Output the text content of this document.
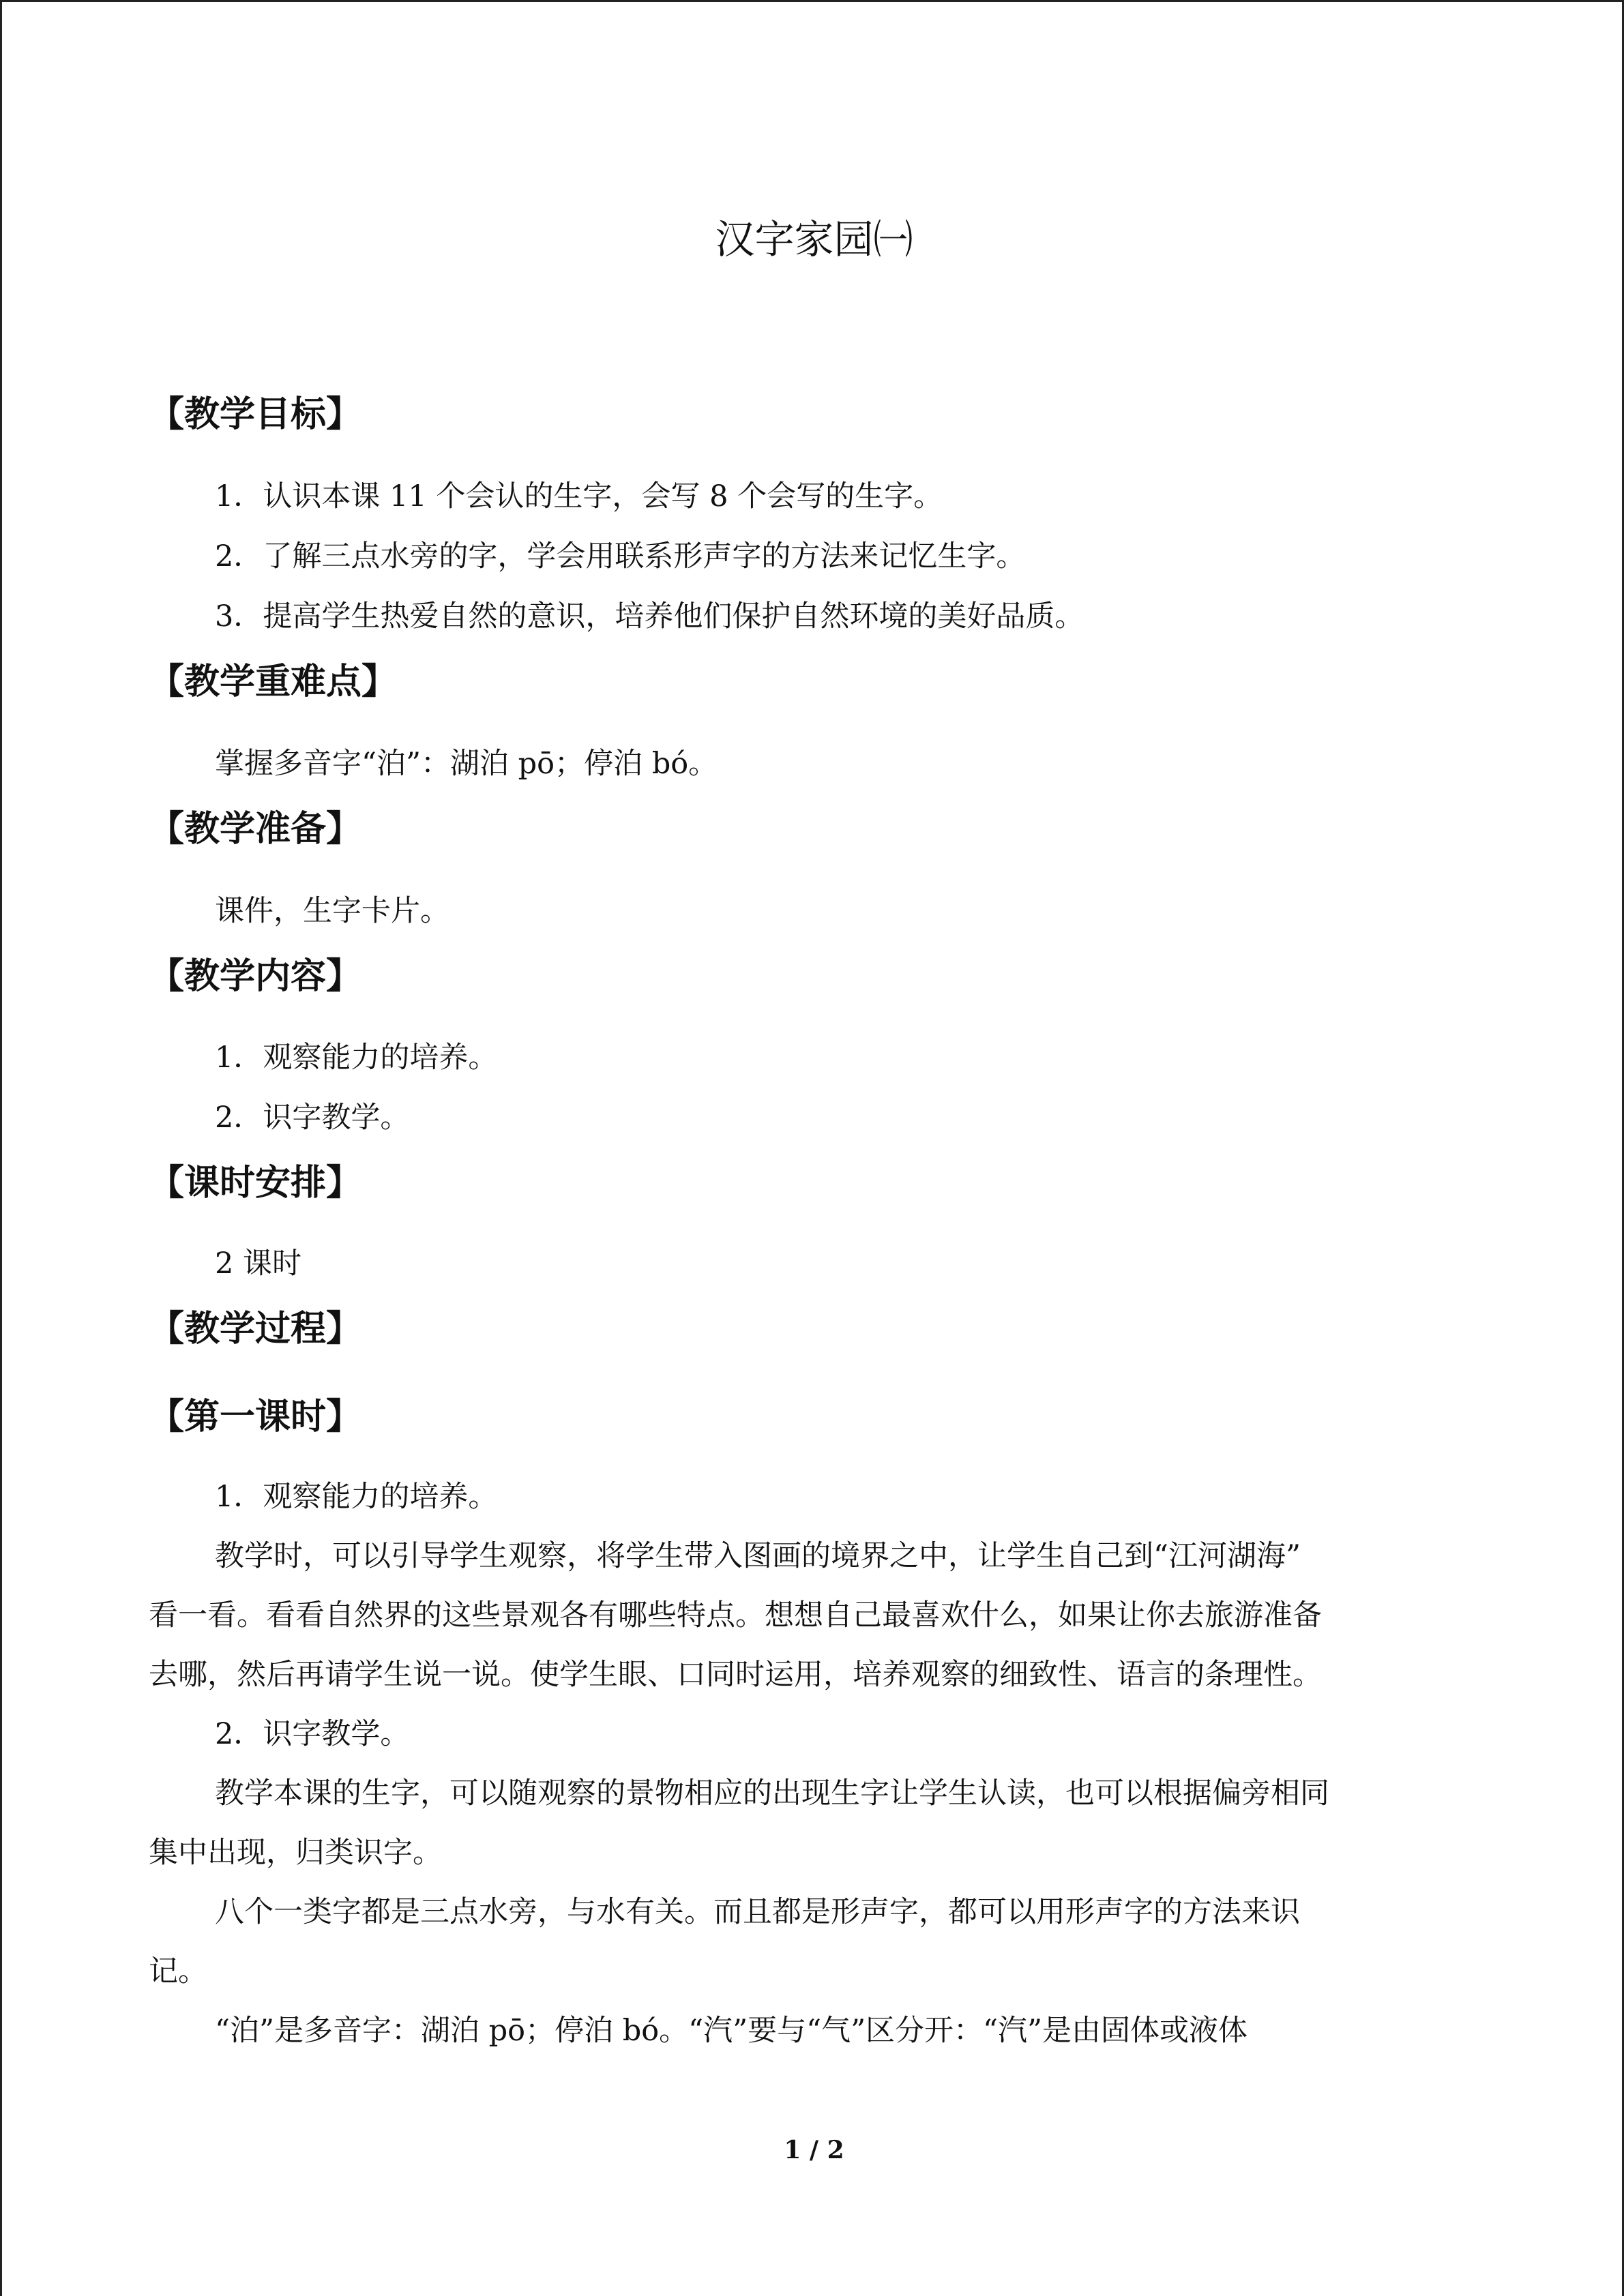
汉字家园㈠
【教学目标】
1．认识本课 11 个会认的生字，会写 8 个会写的生字。
2．了解三点水旁的字，学会用联系形声字的方法来记忆生字。
3．提高学生热爱自然的意识，培养他们保护自然环境的美好品质。
【教学重难点】
掌握多音字“泊”：湖泊 pō；停泊 bó。
【教学准备】
课件，生字卡片。
【教学内容】
1．观察能力的培养。
2．识字教学。
【课时安排】
2 课时
【教学过程】
【第一课时】
1．观察能力的培养。
教学时，可以引导学生观察，将学生带入图画的境界之中，让学生自己到“江河湖海”
看一看。看看自然界的这些景观各有哪些特点。想想自己最喜欢什么，如果让你去旅游准备
去哪，然后再请学生说一说。使学生眼、口同时运用，培养观察的细致性、语言的条理性。
2．识字教学。
教学本课的生字，可以随观察的景物相应的出现生字让学生认读，也可以根据偏旁相同
集中出现，归类识字。
八个一类字都是三点水旁，与水有关。而且都是形声字，都可以用形声字的方法来识
记。
“泊”是多音字：湖泊 pō；停泊 bó。“汽”要与“气”区分开：“汽”是由固体或液体
1 / 2
